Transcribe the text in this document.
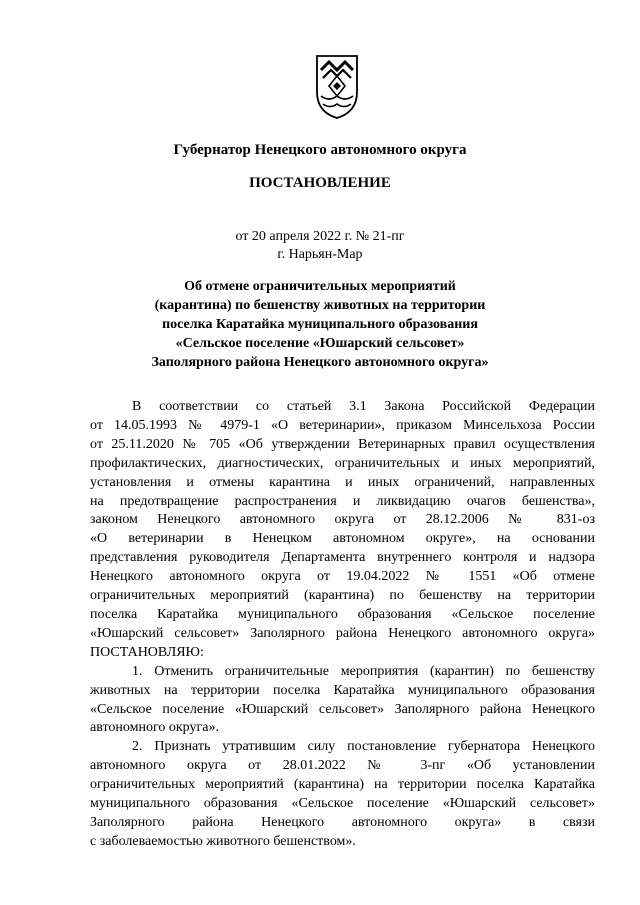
Губернатор Ненецкого автономного округа
ПОСТАНОВЛЕНИЕ
от 20 апреля 2022 г. № 21-пг
г. Нарьян-Мар
Об отмене ограничительных мероприятий
(карантина) по бешенству животных на территории
поселка Каратайка муниципального образования
«Сельское поселение «Юшарский сельсовет»
Заполярного района Ненецкого автономного округа»
В соответствии со статьей 3.1 Закона Российской Федерации
от 14.05.1993 № 4979-1 «О ветеринарии», приказом Минсельхоза России
от 25.11.2020 № 705 «Об утверждении Ветеринарных правил осуществления
профилактических, диагностических, ограничительных и иных мероприятий,
установления и отмены карантина и иных ограничений, направленных
на предотвращение распространения и ликвидацию очагов бешенства»,
законом Ненецкого автономного округа от 28.12.2006 № 831-оз
«О ветеринарии в Ненецком автономном округе», на основании
представления руководителя Департамента внутреннего контроля и надзора
Ненецкого автономного округа от 19.04.2022 № 1551 «Об отмене
ограничительных мероприятий (карантина) по бешенству на территории
поселка Каратайка муниципального образования «Сельское поселение
«Юшарский сельсовет» Заполярного района Ненецкого автономного округа»
ПОСТАНОВЛЯЮ:
1. Отменить ограничительные мероприятия (карантин) по бешенству
животных на территории поселка Каратайка муниципального образования
«Сельское поселение «Юшарский сельсовет» Заполярного района Ненецкого
автономного округа».
2. Признать утратившим силу постановление губернатора Ненецкого
автономного округа от 28.01.2022 № 3-пг «Об установлении
ограничительных мероприятий (карантина) на территории поселка Каратайка
муниципального образования «Сельское поселение «Юшарский сельсовет»
Заполярного района Ненецкого автономного округа» в связи
с заболеваемостью животного бешенством».
